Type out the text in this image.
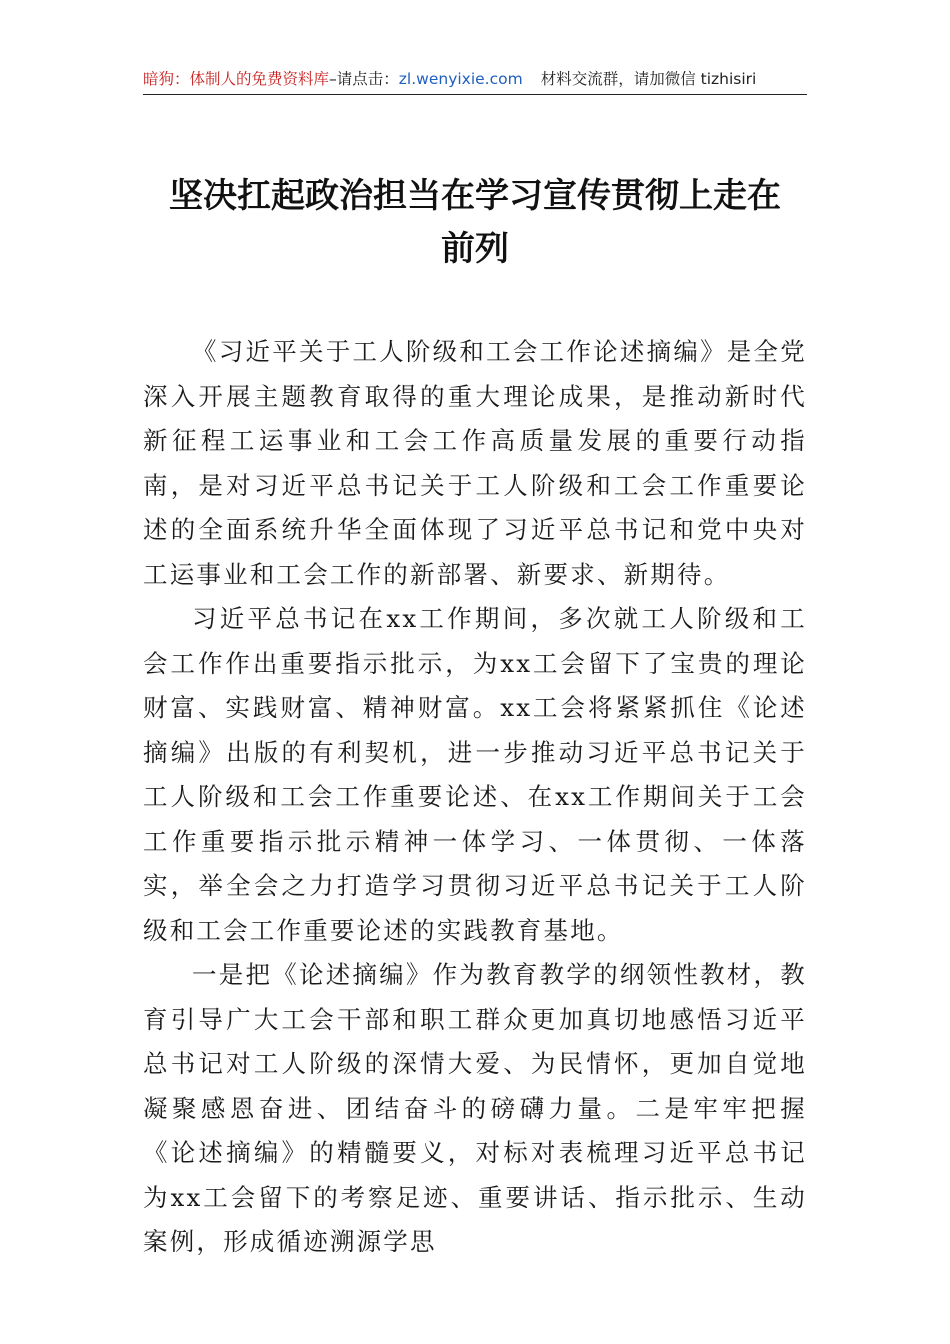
暗狗：体制人的免费资料库 –请点击： zl.wenyixie.com 材料交流群，请加微信 tizhisiri
坚决扛起政治担当在学习宣传贯彻上走在
前列

《习近平关于工人阶级和工会工作论述摘编》是全党深入开展主题教育取得的重大理论成果，是推动新时代新征程工运事业和工会工作高质量发展的重要行动指南，是对习近平总书记关于工人阶级和工会工作重要论述的全面系统升华全面体现了习近平总书记和党中央对工运事业和工会工作的新部署、新要求、新期待。

习近平总书记在xx工作期间，多次就工人阶级和工会工作作出重要指示批示，为xx工会留下了宝贵的理论财富、实践财富、精神财富。xx工会将紧紧抓住《论述摘编》出版的有利契机，进一步推动习近平总书记关于工人阶级和工会工作重要论述、在xx工作期间关于工会工作重要指示批示精神一体学习、一体贯彻、一体落实，举全会之力打造学习贯彻习近平总书记关于工人阶级和工会工作重要论述的实践教育基地。

一是把《论述摘编》作为教育教学的纲领性教材，教育引导广大工会干部和职工群众更加真切地感悟习近平总书记对工人阶级的深情大爱、为民情怀，更加自觉地凝聚感恩奋进、团结奋斗的磅礴力量。二是牢牢把握《论述摘编》的精髓要义，对标对表梳理习近平总书记为xx工会留下的考察足迹、重要讲话、指示批示、生动案例，形成循迹溯源学思
